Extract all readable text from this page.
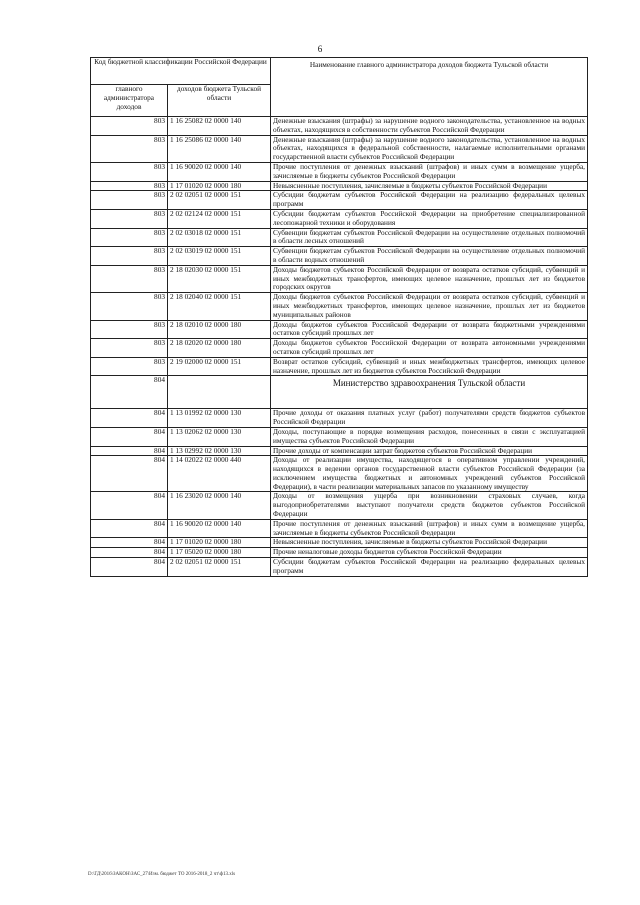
6
Код бюджетной классификации Российской Федерации		Наименование главного администратора доходов бюджета Тульской области
главного администратора доходов	доходов бюджета Тульской области	
803	1 16 25082 02 0000 140	Денежные взыскания (штрафы) за нарушение водного законодательства, установленное на водных объектах, находящихся в собственности субъектов Российской Федерации
803	1 16 25086 02 0000 140	Денежные взыскания (штрафы) за нарушение водного законодательства, установленное на водных объектах, находящихся в федеральной собственности, налагаемые исполнительными органами государственной власти субъектов Российской Федерации
803	1 16 90020 02 0000 140	Прочие поступления от денежных взысканий (штрафов) и иных сумм в возмещение ущерба, зачисляемые в бюджеты субъектов Российской Федерации
803	1 17 01020 02 0000 180	Невыясненные поступления, зачисляемые в бюджеты субъектов Российской Федерации
803	2 02 02051 02 0000 151	Субсидии бюджетам субъектов Российской Федерации на реализацию федеральных целевых программ
803	2 02 02124 02 0000 151	Субсидии бюджетам субъектов Российской Федерации на приобретение специализированной лесопожарной техники и оборудования
803	2 02 03018 02 0000 151	Субвенции бюджетам субъектов Российской Федерации на осуществление отдельных полномочий в области лесных отношений
803	2 02 03019 02 0000 151	Субвенции бюджетам субъектов Российской Федерации на осуществление отдельных полномочий в области водных отношений
803	2 18 02030 02 0000 151	Доходы бюджетов субъектов Российской Федерации от возврата остатков субсидий, субвенций и иных межбюджетных трансфертов, имеющих целевое назначение, прошлых лет из бюджетов городских округов
803	2 18 02040 02 0000 151	Доходы бюджетов субъектов Российской Федерации от возврата остатков субсидий, субвенций и иных межбюджетных трансфертов, имеющих целевое назначение, прошлых лет из бюджетов муниципальных районов
803	2 18 02010 02 0000 180	Доходы бюджетов субъектов Российской Федерации от возврата бюджетными учреждениями остатков субсидий прошлых лет
803	2 18 02020 02 0000 180	Доходы бюджетов субъектов Российской Федерации от возврата автономными учреждениями остатков субсидий прошлых лет
803	2 19 02000 02 0000 151	Возврат остатков субсидий, субвенций и иных межбюджетных трансфертов, имеющих целевое назначение, прошлых лет из бюджетов субъектов Российской Федерации
804		Министерство здравоохранения Тульской области
804	1 13 01992 02 0000 130	Прочие доходы от оказания платных услуг (работ) получателями средств бюджетов субъектов Российской Федерации
804	1 13 02062 02 0000 130	Доходы, поступающие в порядке возмещения расходов, понесенных в связи с эксплуатацией имущества субъектов Российской Федерации
804	1 13 02992 02 0000 130	Прочие доходы от компенсации затрат бюджетов субъектов Российской Федерации
804	1 14 02022 02 0000 440	Доходы от реализации имущества, находящегося в оперативном управлении учреждений, находящихся в ведении органов государственной власти субъектов Российской Федерации (за исключением имущества бюджетных и автономных учреждений субъектов Российской Федерации), в части реализации материальных запасов по указанному имуществу
804	1 16 23020 02 0000 140	Доходы от возмещения ущерба при возникновении страховых случаев, когда выгодоприобретателями выступают получатели средств бюджетов субъектов Российской Федерации
804	1 16 90020 02 0000 140	Прочие поступления от денежных взысканий (штрафов) и иных сумм в возмещение ущерба, зачисляемые в бюджеты субъектов Российской Федерации
804	1 17 01020 02 0000 180	Невыясненные поступления, зачисляемые в бюджеты субъектов Российской Федерации
804	1 17 05020 02 0000 180	Прочие неналоговые доходы бюджетов субъектов Российской Федерации
804	2 02 02051 02 0000 151	Субсидии бюджетам субъектов Российской Федерации на реализацию федеральных целевых программ
D:\ГД\2016\ЗАКОН\ЗАС_27\Изм. бюджет ТО 2016-2018_2 чт\ф13.xls
